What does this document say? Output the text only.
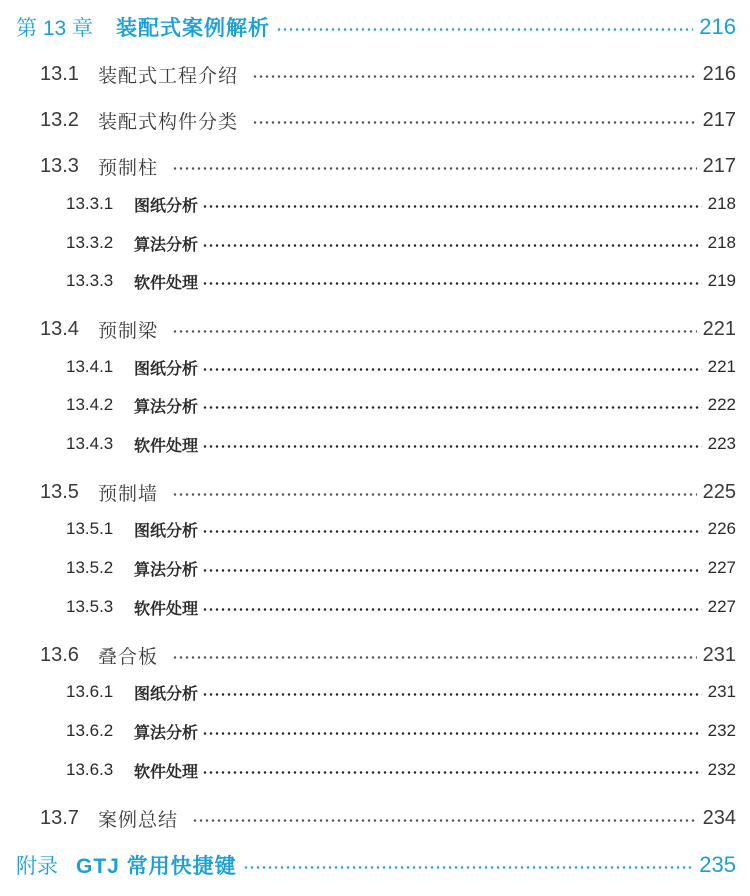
第 13 章	装配式案例解析	216
13.1	装配式工程介绍	216
13.2	装配式构件分类	217
13.3	预制柱	217
13.3.1	图纸分析	218
13.3.2	算法分析	218
13.3.3	软件处理	219
13.4	预制梁	221
13.4.1	图纸分析	221
13.4.2	算法分析	222
13.4.3	软件处理	223
13.5	预制墙	225
13.5.1	图纸分析	226
13.5.2	算法分析	227
13.5.3	软件处理	227
13.6	叠合板	231
13.6.1	图纸分析	231
13.6.2	算法分析	232
13.6.3	软件处理	232
13.7	案例总结	234
附录 GTJ 常用快捷键	235
